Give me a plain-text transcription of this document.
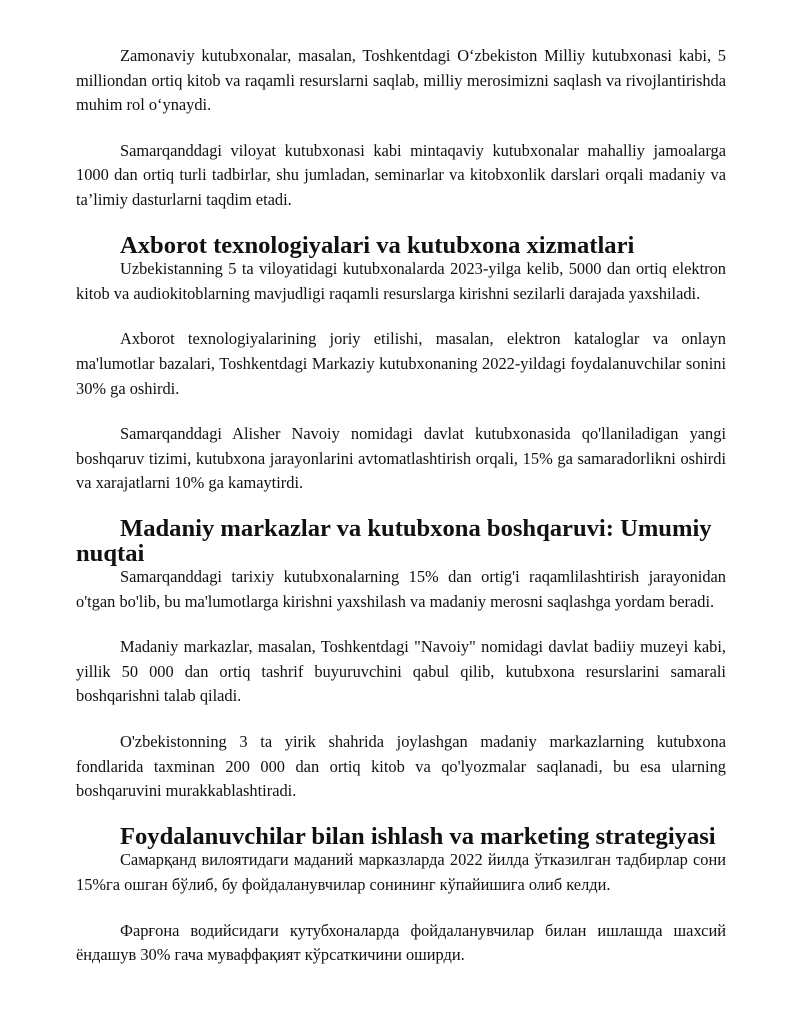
Zamonaviy kutubxonalar, masalan, Toshkentdagi O‘zbekiston Milliy kutubxonasi kabi, 5 milliondan ortiq kitob va raqamli resurslarni saqlab, milliy merosimizni saqlash va rivojlantirishda muhim rol o‘ynaydi.

Samarqanddagi viloyat kutubxonasi kabi mintaqaviy kutubxonalar mahalliy jamoalarga 1000 dan ortiq turli tadbirlar, shu jumladan, seminarlar va kitobxonlik darslari orqali madaniy va ta’limiy dasturlarni taqdim etadi.

Axborot texnologiyalari va kutubxona xizmatlari

Uzbekistanning 5 ta viloyatidagi kutubxonalarda 2023-yilga kelib, 5000 dan ortiq elektron kitob va audiokitoblarning mavjudligi raqamli resurslarga kirishni sezilarli darajada yaxshiladi.

Axborot texnologiyalarining joriy etilishi, masalan, elektron kataloglar va onlayn ma'lumotlar bazalari, Toshkentdagi Markaziy kutubxonaning 2022-yildagi foydalanuvchilar sonini 30% ga oshirdi.

Samarqanddagi Alisher Navoiy nomidagi davlat kutubxonasida qo'llaniladigan yangi boshqaruv tizimi, kutubxona jarayonlarini avtomatlashtirish orqali, 15% ga samaradorlikni oshirdi va xarajatlarni 10% ga kamaytirdi.

Madaniy markazlar va kutubxona boshqaruvi: Umumiy nuqtai

Samarqanddagi tarixiy kutubxonalarning 15% dan ortig'i raqamlilashtirish jarayonidan o'tgan bo'lib, bu ma'lumotlarga kirishni yaxshilash va madaniy merosni saqlashga yordam beradi.

Madaniy markazlar, masalan, Toshkentdagi "Navoiy" nomidagi davlat badiiy muzeyi kabi, yillik 50 000 dan ortiq tashrif buyuruvchini qabul qilib, kutubxona resurslarini samarali boshqarishni talab qiladi.

O'zbekistonning 3 ta yirik shahrida joylashgan madaniy markazlarning kutubxona fondlarida taxminan 200 000 dan ortiq kitob va qo'lyozmalar saqlanadi, bu esa ularning boshqaruvini murakkablashtiradi.

Foydalanuvchilar bilan ishlash va marketing strategiyasi

Самарқанд вилоятидаги маданий марказларда 2022 йилда ўтказилган тадбирлар сони 15%га ошган бўлиб, бу фойдаланувчилар сонининг кўпайишига олиб келди.

Фарғона водийсидаги кутубхоналарда фойдаланувчилар билан ишлашда шахсий ёндашув 30% гача муваффақият кўрсаткичини оширди.
